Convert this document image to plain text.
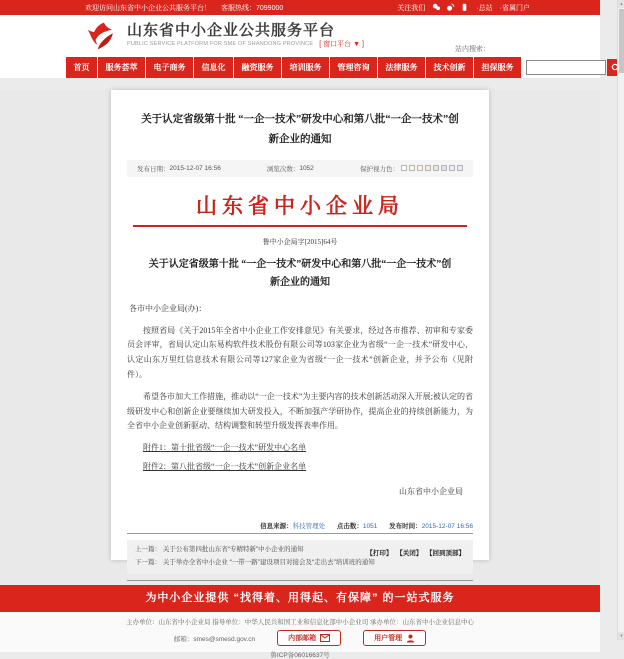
欢迎访问山东省中小企业公共服务平台！ 客服热线：7099000	关注我们	·总站 ·省属门户
山东省中小企业公共服务平台
PUBLIC SERVICE PLATFORM FOR SME OF SHANDONG PROVINCE [ 窗口平台 ▼ ]
站内搜索：
首页	服务荟萃	电子商务	信息化	融资服务	培训服务	管理咨询	法律服务	技术创新	担保服务
关于认定省级第十批 “一企一技术”研发中心和第八批“一企一技术”创新企业的通知
发布日期： 2015-12-07 16:56	浏览次数： 1052	保护视力色：
山东省中小企业局
鲁中小企局字[2015]64号
关于认定省级第十批 “一企一技术”研发中心和第八批“一企一技术”创新企业的通知
各市中小企业局(办)：
按照省局《关于2015年全省中小企业工作安排意见》有关要求，经过各市推荐、初审和专家委员会评审，省局认定山东易构软件技术股份有限公司等103家企业为省级“一企一技术”研发中心，认定山东万里红信息技术有限公司等127家企业为省级“一企一技术”创新企业，并予公布（见附件）。
希望各市加大工作措施，推动以“一企一技术”为主要内容的技术创新活动深入开展;被认定的省级研发中心和创新企业要继续加大研发投入，不断加强产学研协作，提高企业的持续创新能力，为全省中小企业创新驱动、结构调整和转型升级发挥表率作用。
附件1：第十批省级“一企一技术”研发中心名单
附件2：第八批省级“一企一技术”创新企业名单
山东省中小企业局
信息来源：科技管理处 点击数：1051 发布时间：2015-12-07 16:56
上一篇： 关于公布第四批山东省“专精特新”中小企业的通知
下一篇： 关于举办全省中小企业 “一带一路”建设项目对接会及“走出去”培训班的通知
【打印】 【关闭】 【回到顶部】
为中小企业提供 “找得着、用得起、有保障” 的一站式服务
主办单位：山东省中小企业局 指导单位：中华人民共和国工业和信息化部中小企业司 承办单位：山东省中小企业信息中心
邮箱：smes@smesd.gov.cn	内部邮箱	用户管理
鲁ICP备06016637号
▲
▼
